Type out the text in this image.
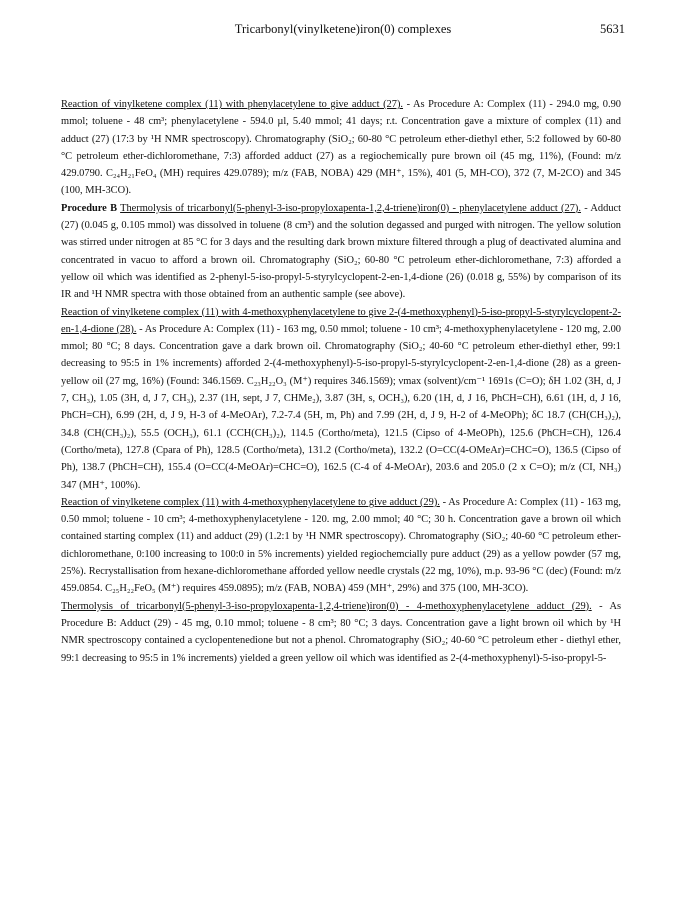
Tricarbonyl(vinylketene)iron(0) complexes	5631

Reaction of vinylketene complex (11) with phenylacetylene to give adduct (27). - As Procedure A: Complex (11) - 294.0 mg, 0.90 mmol; toluene - 48 cm³; phenylacetylene - 594.0 µl, 5.40 mmol; 41 days; r.t. Concentration gave a mixture of complex (11) and adduct (27) (17:3 by ¹H NMR spectroscopy). Chromatography (SiO₂; 60-80 °C petroleum ether-diethyl ether, 5:2 followed by 60-80 °C petroleum ether-dichloromethane, 7:3) afforded adduct (27) as a regiochemically pure brown oil (45 mg, 11%), (Found: m/z 429.0790. C₂₄H₂₁FeO₄ (MH) requires 429.0789); m/z (FAB, NOBA) 429 (MH⁺, 15%), 401 (5, MH-CO), 372 (7, M-2CO) and 345 (100, MH-3CO).

Procedure B Thermolysis of tricarbonyl(5-phenyl-3-iso-propyloxapenta-1,2,4-triene)iron(0) - phenylacetylene adduct (27). - Adduct (27) (0.045 g, 0.105 mmol) was dissolved in toluene (8 cm³) and the solution degassed and purged with nitrogen. The yellow solution was stirred under nitrogen at 85 °C for 3 days and the resulting dark brown mixture filtered through a plug of deactivated alumina and concentrated in vacuo to afford a brown oil. Chromatography (SiO₂; 60-80 °C petroleum ether-dichloromethane, 7:3) afforded a yellow oil which was identified as 2-phenyl-5-iso-propyl-5-styrylcyclopent-2-en-1,4-dione (26) (0.018 g, 55%) by comparison of its IR and ¹H NMR spectra with those obtained from an authentic sample (see above).

Reaction of vinylketene complex (11) with 4-methoxyphenylacetylene to give 2-(4-methoxyphenyl)-5-iso-propyl-5-styrylcyclopent-2-en-1,4-dione (28). - As Procedure A: Complex (11) - 163 mg, 0.50 mmol; toluene - 10 cm³; 4-methoxyphenylacetylene - 120 mg, 2.00 mmol; 80 °C; 8 days. Concentration gave a dark brown oil. Chromatography (SiO₂; 40-60 °C petroleum ether-diethyl ether, 99:1 decreasing to 95:5 in 1% increments) afforded 2-(4-methoxyphenyl)-5-iso-propyl-5-styrylcyclopent-2-en-1,4-dione (28) as a green-yellow oil (27 mg, 16%) (Found: 346.1569. C₂₃H₂₂O₃ (M⁺) requires 346.1569); νmax (solvent)/cm⁻¹ 1691s (C=O); δH 1.02 (3H, d, J 7, CH₃), 1.05 (3H, d, J 7, CH₃), 2.37 (1H, sept, J 7, CHMe₂), 3.87 (3H, s, OCH₃), 6.20 (1H, d, J 16, PhCH=CH), 6.61 (1H, d, J 16, PhCH=CH), 6.99 (2H, d, J 9, H-3 of 4-MeOAr), 7.2-7.4 (5H, m, Ph) and 7.99 (2H, d, J 9, H-2 of 4-MeOPh); δC 18.7 (CH(CH₃)₂), 34.8 (CH(CH₃)₂), 55.5 (OCH₃), 61.1 (CCH(CH₃)₂), 114.5 (Cortho/meta), 121.5 (Cipso of 4-MeOPh), 125.6 (PhCH=CH), 126.4 (Cortho/meta), 127.8 (Cpara of Ph), 128.5 (Cortho/meta), 131.2 (Cortho/meta), 132.2 (O=CC(4-OMeAr)=CHC=O), 136.5 (Cipso of Ph), 138.7 (PhCH=CH), 155.4 (O=CC(4-MeOAr)=CHC=O), 162.5 (C-4 of 4-MeOAr), 203.6 and 205.0 (2 x C=O); m/z (CI, NH₃) 347 (MH⁺, 100%).

Reaction of vinylketene complex (11) with 4-methoxyphenylacetylene to give adduct (29). - As Procedure A: Complex (11) - 163 mg, 0.50 mmol; toluene - 10 cm³; 4-methoxyphenylacetylene - 120. mg, 2.00 mmol; 40 °C; 30 h. Concentration gave a brown oil which contained starting complex (11) and adduct (29) (1.2:1 by ¹H NMR spectroscopy). Chromatography (SiO₂; 40-60 °C petroleum ether-dichloromethane, 0:100 increasing to 100:0 in 5% increments) yielded regiochemcially pure adduct (29) as a yellow powder (57 mg, 25%). Recrystallisation from hexane-dichloromethane afforded yellow needle crystals (22 mg, 10%), m.p. 93-96 °C (dec) (Found: m/z 459.0854. C₂₅H₂₂FeO₅ (M⁺) requires 459.0895); m/z (FAB, NOBA) 459 (MH⁺, 29%) and 375 (100, MH-3CO).

Thermolysis of tricarbonyl(5-phenyl-3-iso-propyloxapenta-1,2,4-triene)iron(0) - 4-methoxyphenylacetylene adduct (29). - As Procedure B: Adduct (29) - 45 mg, 0.10 mmol; toluene - 8 cm³; 80 °C; 3 days. Concentration gave a light brown oil which by ¹H NMR spectroscopy contained a cyclopentenedione but not a phenol. Chromatography (SiO₂; 40-60 °C petroleum ether - diethyl ether, 99:1 decreasing to 95:5 in 1% increments) yielded a green yellow oil which was identified as 2-(4-methoxyphenyl)-5-iso-propyl-5-
